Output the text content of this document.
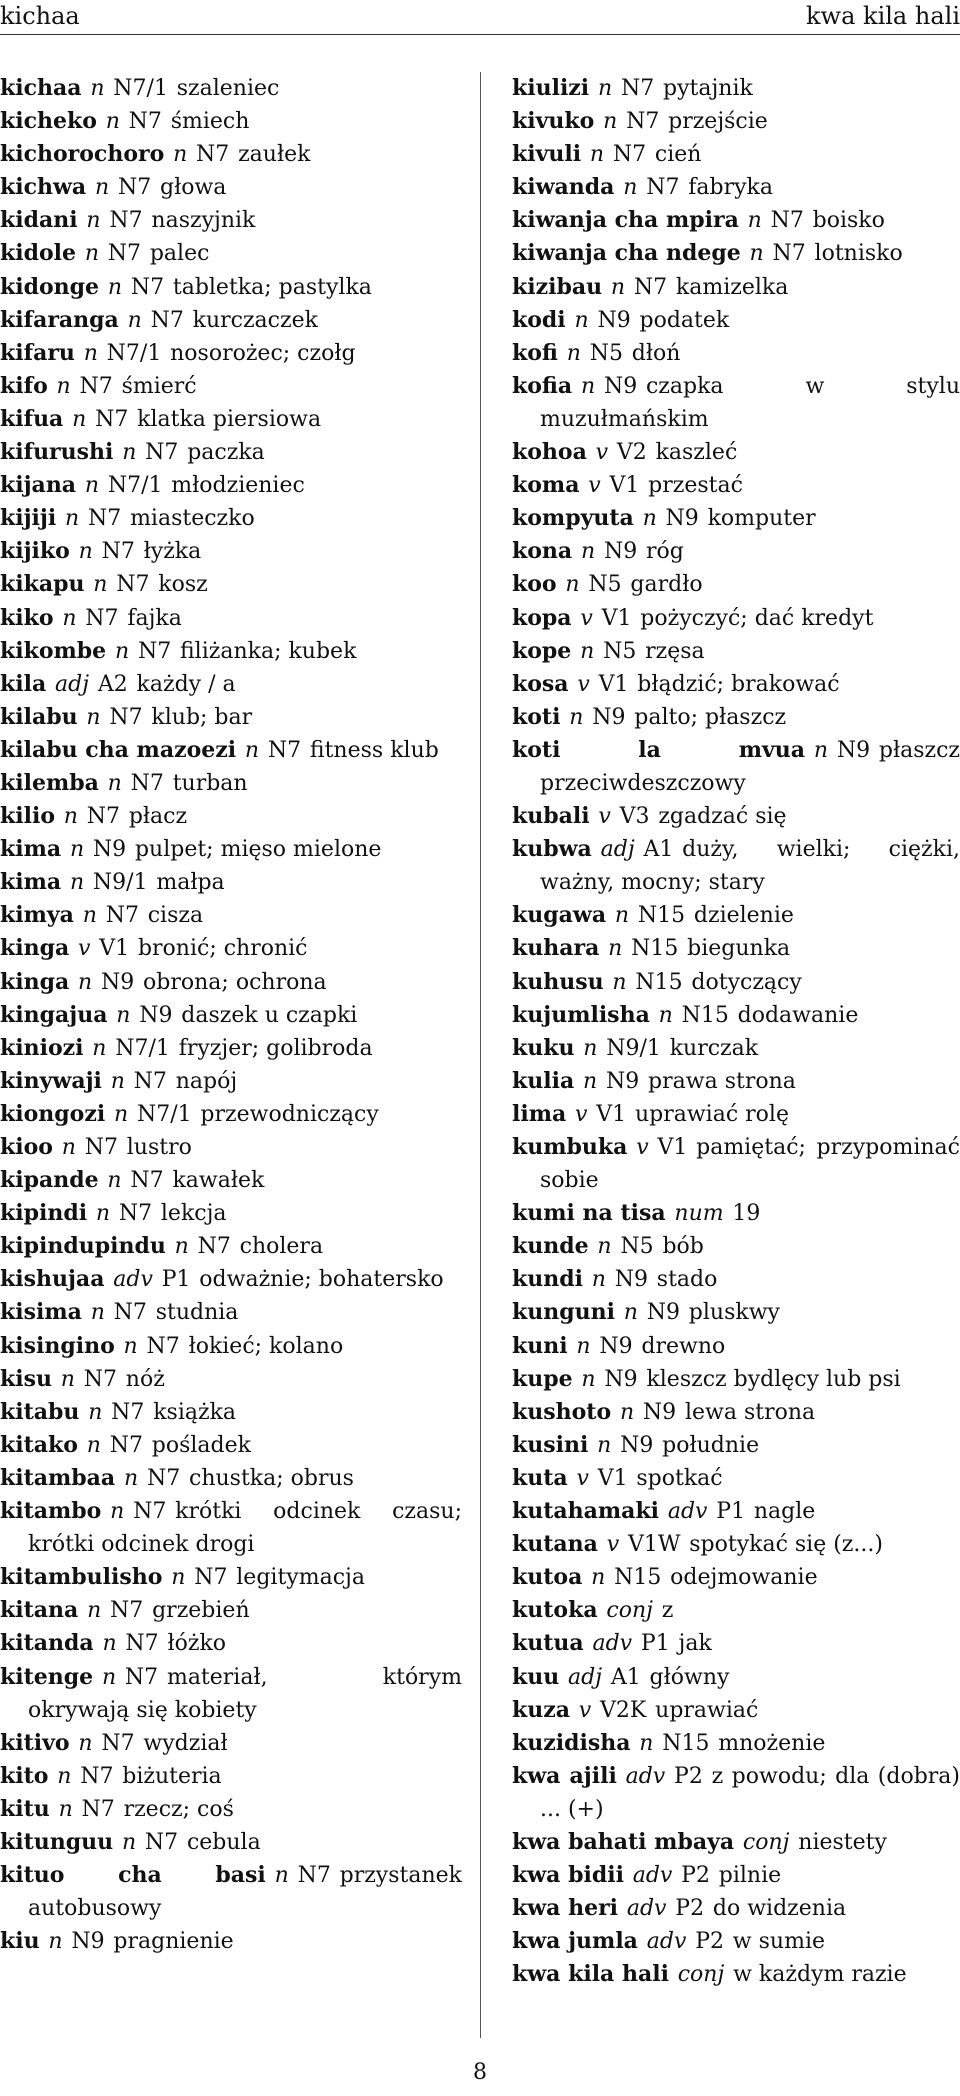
kichaa	kwa kila hali

kichaa n N7/1 szaleniec

kicheko n N7 śmiech

kichorochoro n N7 zaułek

kichwa n N7 głowa

kidani n N7 naszyjnik

kidole n N7 palec

kidonge n N7 tabletka; pastylka

kifaranga n N7 kurczaczek

kifaru n N7/1 nosorożec; czołg

kifo n N7 śmierć

kifua n N7 klatka piersiowa

kifurushi n N7 paczka

kijana n N7/1 młodzieniec

kijiji n N7 miasteczko

kijiko n N7 łyżka

kikapu n N7 kosz

kiko n N7 fajka

kikombe n N7 filiżanka; kubek

kila adj A2 każdy / a

kilabu n N7 klub; bar

kilabu cha mazoezi n N7 fitness klub

kilemba n N7 turban

kilio n N7 płacz

kima n N9 pulpet; mięso mielone

kima n N9/1 małpa

kimya n N7 cisza

kinga v V1 bronić; chronić

kinga n N9 obrona; ochrona

kingajua n N9 daszek u czapki

kiniozi n N7/1 fryzjer; golibroda

kinywaji n N7 napój

kiongozi n N7/1 przewodniczący

kioo n N7 lustro

kipande n N7 kawałek

kipindi n N7 lekcja

kipindupindu n N7 cholera

kishujaa adv P1 odważnie; bohatersko

kisima n N7 studnia

kisingino n N7 łokieć; kolano

kisu n N7 nóż

kitabu n N7 książka

kitako n N7 pośladek

kitambaa n N7 chustka; obrus

kitambo n N7 krótki odcinek czasu; krótki odcinek drogi

kitambulisho n N7 legitymacja

kitana n N7 grzebień

kitanda n N7 łóżko

kitenge n N7 materiał, którym okrywają się kobiety

kitivo n N7 wydział

kito n N7 biżuteria

kitu n N7 rzecz; coś

kitunguu n N7 cebula

kituo cha basi n N7 przystanek autobusowy

kiu n N9 pragnienie

kiulizi n N7 pytajnik

kivuko n N7 przejście

kivuli n N7 cień

kiwanda n N7 fabryka

kiwanja cha mpira n N7 boisko

kiwanja cha ndege n N7 lotnisko

kizibau n N7 kamizelka

kodi n N9 podatek

kofi n N5 dłoń

kofia n N9 czapka w stylu muzułmańskim

kohoa v V2 kaszleć

koma v V1 przestać

kompyuta n N9 komputer

kona n N9 róg

koo n N5 gardło

kopa v V1 pożyczyć; dać kredyt

kope n N5 rzęsa

kosa v V1 błądzić; brakować

koti n N9 palto; płaszcz

koti la mvua n N9 płaszcz przeciwdeszczowy

kubali v V3 zgadzać się

kubwa adj A1 duży, wielki; ciężki, ważny, mocny; stary

kugawa n N15 dzielenie

kuhara n N15 biegunka

kuhusu n N15 dotyczący

kujumlisha n N15 dodawanie

kuku n N9/1 kurczak

kulia n N9 prawa strona

lima v V1 uprawiać rolę

kumbuka v V1 pamiętać; przypominać sobie

kumi na tisa num 19

kunde n N5 bób

kundi n N9 stado

kunguni n N9 pluskwy

kuni n N9 drewno

kupe n N9 kleszcz bydlęcy lub psi

kushoto n N9 lewa strona

kusini n N9 południe

kuta v V1 spotkać

kutahamaki adv P1 nagle

kutana v V1W spotykać się (z...)

kutoa n N15 odejmowanie

kutoka conj z

kutua adv P1 jak

kuu adj A1 główny

kuza v V2K uprawiać

kuzidisha n N15 mnożenie

kwa ajili adv P2 z powodu; dla (dobra) ... (+)

kwa bahati mbaya conj niestety

kwa bidii adv P2 pilnie

kwa heri adv P2 do widzenia

kwa jumla adv P2 w sumie

kwa kila hali conj w każdym razie

8
